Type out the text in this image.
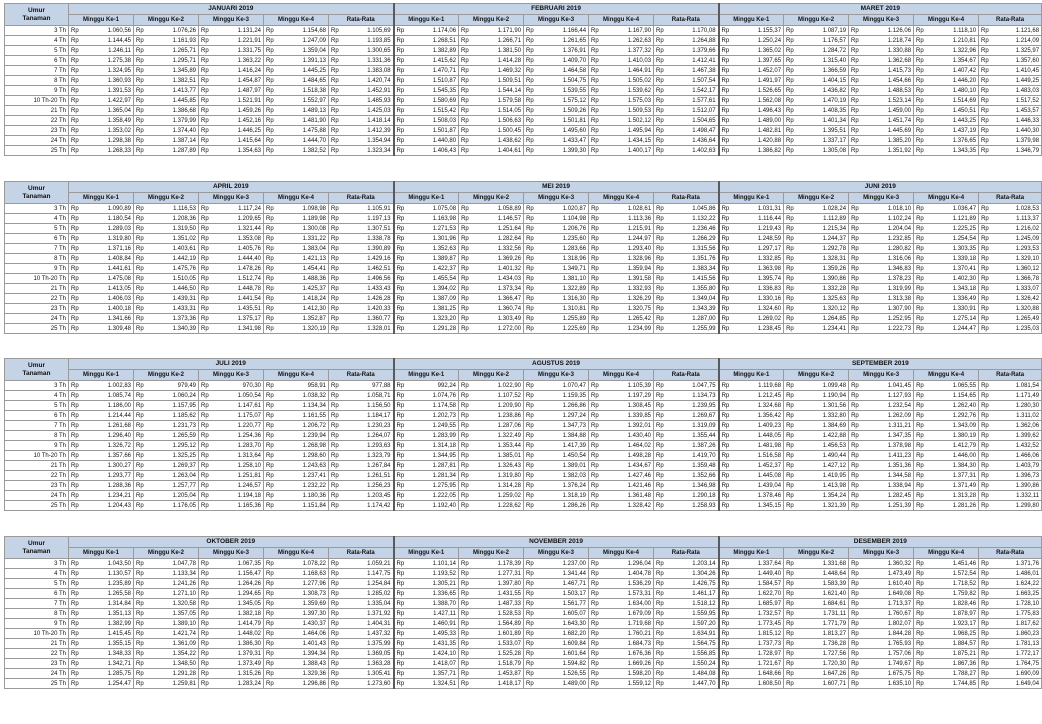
Umur
Tanaman	JANUARI 2019					FEBRUARI 2019					MARET 2019				
	Minggu Ke-1	Minggu Ke-2	Minggu Ke-3	Minggu Ke-4	Rata-Rata	Minggu Ke-1	Minggu Ke-2	Minggu Ke-3	Minggu Ke-4	Rata-Rata	Minggu Ke-1	Minggu Ke-2	Minggu Ke-3	Minggu Ke-4	Rata-Rata
3 Th	Rp 1.060,56	Rp 1.076,26	Rp 1.131,24	Rp 1.154,68	Rp 1.105,69	Rp 1.174,06	Rp 1.171,90	Rp 1.166,44	Rp 1.167,90	Rp 1.170,08	Rp 1.155,37	Rp 1.087,19	Rp 1.126,06	Rp 1.118,10	Rp 1.121,68

4 Th	Rp 1.144,45	Rp 1.161,93	Rp 1.221,91	Rp 1.247,09	Rp 1.193,85	Rp 1.268,51	Rp 1.266,71	Rp 1.261,65	Rp 1.262,63	Rp 1.264,88	Rp 1.250,24	Rp 1.176,57	Rp 1.218,74	Rp 1.210,81	Rp 1.214,09

5 Th	Rp 1.246,11	Rp 1.265,71	Rp 1.331,75	Rp 1.359,04	Rp 1.300,65	Rp 1.382,89	Rp 1.381,50	Rp 1.376,91	Rp 1.377,32	Rp 1.379,66	Rp 1.365,02	Rp 1.284,72	Rp 1.330,88	Rp 1.322,96	Rp 1.325,97

6 Th	Rp 1.275,38	Rp 1.295,71	Rp 1.363,22	Rp 1.391,13	Rp 1.331,36	Rp 1.415,62	Rp 1.414,28	Rp 1.409,70	Rp 1.410,03	Rp 1.412,41	Rp 1.397,65	Rp 1.315,40	Rp 1.362,68	Rp 1.354,67	Rp 1.357,60

7 Th	Rp 1.324,95	Rp 1.345,89	Rp 1.416,24	Rp 1.445,25	Rp 1.383,08	Rp 1.470,71	Rp 1.469,32	Rp 1.464,58	Rp 1.464,91	Rp 1.467,38	Rp 1.452,07	Rp 1.366,59	Rp 1.415,73	Rp 1.407,42	Rp 1.410,45

8 Th	Rp 1.360,93	Rp 1.382,51	Rp 1.454,87	Rp 1.484,65	Rp 1.420,74	Rp 1.510,87	Rp 1.509,51	Rp 1.504,75	Rp 1.505,02	Rp 1.507,54	Rp 1.491,97	Rp 1.404,15	Rp 1.454,66	Rp 1.446,20	Rp 1.449,25

9 Th	Rp 1.391,53	Rp 1.413,77	Rp 1.487,97	Rp 1.518,38	Rp 1.452,91	Rp 1.545,35	Rp 1.544,14	Rp 1.539,55	Rp 1.539,62	Rp 1.542,17	Rp 1.526,65	Rp 1.436,82	Rp 1.488,53	Rp 1.480,10	Rp 1.483,03

10 Th-20 Th	Rp 1.422,97	Rp 1.445,85	Rp 1.521,91	Rp 1.552,97	Rp 1.485,93	Rp 1.580,69	Rp 1.579,58	Rp 1.575,12	Rp 1.575,03	Rp 1.577,61	Rp 1.562,08	Rp 1.470,19	Rp 1.523,14	Rp 1.514,69	Rp 1.517,52

21 Th	Rp 1.365,04	Rp 1.386,68	Rp 1.459,26	Rp 1.489,13	Rp 1.425,03	Rp 1.515,42	Rp 1.514,05	Rp 1.509,26	Rp 1.509,53	Rp 1.512,07	Rp 1.496,43	Rp 1.408,35	Rp 1.459,00	Rp 1.450,51	Rp 1.453,57

22 Th	Rp 1.358,49	Rp 1.379,99	Rp 1.452,16	Rp 1.481,90	Rp 1.418,14	Rp 1.508,03	Rp 1.506,63	Rp 1.501,81	Rp 1.502,12	Rp 1.504,65	Rp 1.489,00	Rp 1.401,34	Rp 1.451,74	Rp 1.443,25	Rp 1.446,33

23 Th	Rp 1.353,02	Rp 1.374,40	Rp 1.446,25	Rp 1.475,88	Rp 1.412,39	Rp 1.501,87	Rp 1.500,45	Rp 1.495,60	Rp 1.495,94	Rp 1.498,47	Rp 1.482,81	Rp 1.395,51	Rp 1.445,69	Rp 1.437,19	Rp 1.440,30

24 Th	Rp 1.298,38	Rp 1.387,14	Rp 1.415,64	Rp 1.444,70	Rp 1.354,94	Rp 1.440,80	Rp 1.438,62	Rp 1.433,47	Rp 1.434,15	Rp 1.436,64	Rp 1.420,88	Rp 1.337,17	Rp 1.385,20	Rp 1.376,65	Rp 1.379,98

25 Th	Rp 1.268,33	Rp 1.287,89	Rp 1.354,63	Rp 1.382,52	Rp 1.323,34	Rp 1.406,43	Rp 1.404,61	Rp 1.399,30	Rp 1.400,17	Rp 1.402,63	Rp 1.386,82	Rp 1.305,08	Rp 1.351,92	Rp 1.343,35	Rp 1.346,79
Umur
Tanaman	APRIL 2019					MEI 2019					JUNI 2019				
	Minggu Ke-1	Minggu Ke-2	Minggu Ke-3	Minggu Ke-4	Rata-Rata	Minggu Ke-1	Minggu Ke-2	Minggu Ke-3	Minggu Ke-4	Rata-Rata	Minggu Ke-1	Minggu Ke-2	Minggu Ke-3	Minggu Ke-4	Rata-Rata
3 Th	Rp 1.090,89	Rp 1.116,53	Rp 1.117,24	Rp 1.098,98	Rp 1.105,91	Rp 1.075,08	Rp 1.058,89	Rp 1.020,87	Rp 1.028,61	Rp 1.045,86	Rp 1.031,31	Rp 1.028,24	Rp 1.018,10	Rp 1.036,47	Rp 1.028,53

4 Th	Rp 1.180,54	Rp 1.208,36	Rp 1.209,65	Rp 1.189,98	Rp 1.197,13	Rp 1.163,98	Rp 1.146,57	Rp 1.104,98	Rp 1.113,36	Rp 1.132,22	Rp 1.116,44	Rp 1.112,89	Rp 1.102,24	Rp 1.121,89	Rp 1.113,37

5 Th	Rp 1.289,03	Rp 1.319,50	Rp 1.321,44	Rp 1.300,08	Rp 1.307,51	Rp 1.271,53	Rp 1.251,64	Rp 1.206,76	Rp 1.215,91	Rp 1.236,46	Rp 1.219,43	Rp 1.215,34	Rp 1.204,04	Rp 1.225,25	Rp 1.216,02

6 Th	Rp 1.319,80	Rp 1.351,02	Rp 1.353,08	Rp 1.331,22	Rp 1.338,78	Rp 1.301,96	Rp 1.282,64	Rp 1.235,60	Rp 1.244,97	Rp 1.266,29	Rp 1.248,59	Rp 1.244,37	Rp 1.232,85	Rp 1.254,54	Rp 1.245,09

7 Th	Rp 1.371,16	Rp 1.403,61	Rp 1.405,76	Rp 1.383,04	Rp 1.390,89	Rp 1.352,63	Rp 1.332,56	Rp 1.283,66	Rp 1.293,40	Rp 1.315,56	Rp 1.297,17	Rp 1.292,78	Rp 1.280,82	Rp 1.303,35	Rp 1.293,53

8 Th	Rp 1.408,84	Rp 1.442,19	Rp 1.444,40	Rp 1.421,13	Rp 1.429,16	Rp 1.389,87	Rp 1.369,26	Rp 1.318,96	Rp 1.328,96	Rp 1.351,76	Rp 1.332,85	Rp 1.328,31	Rp 1.316,06	Rp 1.339,18	Rp 1.329,10

9 Th	Rp 1.441,61	Rp 1.475,76	Rp 1.478,26	Rp 1.454,41	Rp 1.462,51	Rp 1.422,37	Rp 1.401,32	Rp 1.349,71	Rp 1.359,94	Rp 1.383,34	Rp 1.363,98	Rp 1.359,26	Rp 1.346,83	Rp 1.370,41	Rp 1.360,12

10 Th-20 Th	Rp 1.475,08	Rp 1.510,05	Rp 1.512,74	Rp 1.488,36	Rp 1.496,56	Rp 1.455,54	Rp 1.434,03	Rp 1.381,10	Rp 1.391,58	Rp 1.415,56	Rp 1.395,74	Rp 1.390,86	Rp 1.378,23	Rp 1.402,30	Rp 1.366,78

21 Th	Rp 1.413,05	Rp 1.446,50	Rp 1.448,78	Rp 1.425,37	Rp 1.433,43	Rp 1.394,02	Rp 1.373,34	Rp 1.322,89	Rp 1.332,93	Rp 1.355,80	Rp 1.336,83	Rp 1.332,28	Rp 1.319,99	Rp 1.343,18	Rp 1.333,07

22 Th	Rp 1.406,03	Rp 1.439,31	Rp 1.441,54	Rp 1.418,24	Rp 1.426,28	Rp 1.387,09	Rp 1.366,47	Rp 1.316,30	Rp 1.326,29	Rp 1.349,04	Rp 1.330,16	Rp 1.325,63	Rp 1.313,38	Rp 1.336,49	Rp 1.326,42

23 Th	Rp 1.400,18	Rp 1.433,31	Rp 1.435,51	Rp 1.412,30	Rp 1.420,33	Rp 1.381,25	Rp 1.360,74	Rp 1.310,81	Rp 1.320,75	Rp 1.343,39	Rp 1.324,60	Rp 1.320,12	Rp 1.307,90	Rp 1.330,91	Rp 1.320,88

24 Th	Rp 1.341,66	Rp 1.373,36	Rp 1.375,17	Rp 1.352,87	Rp 1.360,77	Rp 1.323,20	Rp 1.303,49	Rp 1.255,89	Rp 1.265,42	Rp 1.287,00	Rp 1.269,02	Rp 1.264,85	Rp 1.252,95	Rp 1.275,14	Rp 1.265,49

25 Th	Rp 1.309,48	Rp 1.340,39	Rp 1.341,98	Rp 1.320,19	Rp 1.328,01	Rp 1.291,28	Rp 1.272,00	Rp 1.225,69	Rp 1.234,99	Rp 1.255,99	Rp 1.238,45	Rp 1.234,41	Rp 1.222,73	Rp 1.244,47	Rp 1.235,03
Umur
Tanaman	JULI 2019					AGUSTUS 2019					SEPTEMBER 2019				
	Minggu Ke-1	Minggu Ke-2	Minggu Ke-3	Minggu Ke-4	Rata-Rata	Minggu Ke-1	Minggu Ke-2	Minggu Ke-3	Minggu Ke-4	Rata-Rata	Minggu Ke-1	Minggu Ke-2	Minggu Ke-3	Minggu Ke-4	Rata-Rata
3 Th	Rp 1.002,83	Rp 979,49	Rp 970,30	Rp 958,91	Rp 977,88	Rp 992,24	Rp 1.022,90	Rp 1.070,47	Rp 1.105,39	Rp 1.047,75	Rp 1.119,68	Rp 1.099,48	Rp 1.041,45	Rp 1.065,55	Rp 1.081,54

4 Th	Rp 1.085,74	Rp 1.060,24	Rp 1.050,54	Rp 1.038,32	Rp 1.058,71	Rp 1.074,76	Rp 1.107,52	Rp 1.159,35	Rp 1.197,29	Rp 1.134,73	Rp 1.212,45	Rp 1.190,94	Rp 1.127,93	Rp 1.154,65	Rp 1.171,49

5 Th	Rp 1.186,00	Rp 1.157,95	Rp 1.147,61	Rp 1.134,34	Rp 1.156,50	Rp 1.174,58	Rp 1.209,90	Rp 1.266,86	Rp 1.308,45	Rp 1.239,95	Rp 1.324,68	Rp 1.301,56	Rp 1.232,54	Rp 1.262,40	Rp 1.280,30

6 Th	Rp 1.214,44	Rp 1.185,62	Rp 1.175,07	Rp 1.161,55	Rp 1.184,17	Rp 1.202,73	Rp 1.238,86	Rp 1.297,24	Rp 1.339,85	Rp 1.269,67	Rp 1.356,42	Rp 1.332,80	Rp 1.262,09	Rp 1.292,76	Rp 1.311,02

7 Th	Rp 1.261,68	Rp 1.231,73	Rp 1.220,77	Rp 1.206,72	Rp 1.230,23	Rp 1.249,55	Rp 1.287,06	Rp 1.347,73	Rp 1.392,01	Rp 1.319,09	Rp 1.409,23	Rp 1.384,69	Rp 1.311,21	Rp 1.343,09	Rp 1.362,06

8 Th	Rp 1.296,40	Rp 1.265,59	Rp 1.254,36	Rp 1.239,94	Rp 1.264,07	Rp 1.283,99	Rp 1.322,49	Rp 1.384,88	Rp 1.430,40	Rp 1.355,44	Rp 1.448,05	Rp 1.422,88	Rp 1.347,35	Rp 1.380,19	Rp 1.399,62

9 Th	Rp 1.326,72	Rp 1.295,12	Rp 1.283,70	Rp 1.268,98	Rp 1.293,63	Rp 1.314,18	Rp 1.353,44	Rp 1.417,39	Rp 1.464,02	Rp 1.387,26	Rp 1.481,98	Rp 1.456,53	Rp 1.378,98	Rp 1.412,79	Rp 1.432,52

10 Th-20 Th	Rp 1.357,66	Rp 1.325,25	Rp 1.313,64	Rp 1.298,60	Rp 1.323,79	Rp 1.344,95	Rp 1.385,01	Rp 1.450,54	Rp 1.498,28	Rp 1.419,70	Rp 1.516,58	Rp 1.490,44	Rp 1.411,23	Rp 1.446,00	Rp 1.466,06

21 Th	Rp 1.300,27	Rp 1.269,37	Rp 1.258,10	Rp 1.243,63	Rp 1.267,84	Rp 1.287,81	Rp 1.326,43	Rp 1.389,01	Rp 1.434,67	Rp 1.359,48	Rp 1.452,37	Rp 1.427,12	Rp 1.351,36	Rp 1.384,30	Rp 1.403,79

22 Th	Rp 1.293,77	Rp 1.263,04	Rp 1.251,81	Rp 1.237,41	Rp 1.261,51	Rp 1.281,34	Rp 1.319,80	Rp 1.382,03	Rp 1.427,46	Rp 1.352,66	Rp 1.445,08	Rp 1.419,95	Rp 1.344,58	Rp 1.377,31	Rp 1.396,73

23 Th	Rp 1.288,36	Rp 1.257,77	Rp 1.246,57	Rp 1.232,22	Rp 1.256,23	Rp 1.275,95	Rp 1.314,28	Rp 1.376,24	Rp 1.421,46	Rp 1.346,98	Rp 1.439,04	Rp 1.413,98	Rp 1.338,94	Rp 1.371,49	Rp 1.390,86

24 Th	Rp 1.234,21	Rp 1.205,04	Rp 1.194,18	Rp 1.180,36	Rp 1.203,45	Rp 1.222,05	Rp 1.259,02	Rp 1.318,19	Rp 1.361,48	Rp 1.290,18	Rp 1.378,46	Rp 1.354,24	Rp 1.282,45	Rp 1.313,28	Rp 1.332,11

25 Th	Rp 1.204,43	Rp 1.176,05	Rp 1.165,36	Rp 1.151,84	Rp 1.174,42	Rp 1.192,40	Rp 1.228,62	Rp 1.286,26	Rp 1.328,42	Rp 1.258,93	Rp 1.345,15	Rp 1.321,39	Rp 1.251,39	Rp 1.281,26	Rp 1.299,80
Umur
Tanaman	OKTOBER 2019					NOVEMBER 2019					DESEMBER 2019				
	Minggu Ke-1	Minggu Ke-2	Minggu Ke-3	Minggu Ke-4	Rata-Rata	Minggu Ke-1	Minggu Ke-2	Minggu Ke-3	Minggu Ke-4	Rata-Rata	Minggu Ke-1	Minggu Ke-2	Minggu Ke-3	Minggu Ke-4	Rata-Rata
3 Th	Rp 1.043,50	Rp 1.047,78	Rp 1.067,35	Rp 1.078,22	Rp 1.059,21	Rp 1.101,14	Rp 1.178,39	Rp 1.237,00	Rp 1.296,04	Rp 1.203,14	Rp 1.337,64	Rp 1.331,68	Rp 1.360,32	Rp 1.451,46	Rp 1.371,76

4 Th	Rp 1.130,57	Rp 1.133,34	Rp 1.156,47	Rp 1.168,63	Rp 1.147,75	Rp 1.193,52	Rp 1.277,31	Rp 1.341,44	Rp 1.404,78	Rp 1.304,26	Rp 1.449,40	Rp 1.448,64	Rp 1.473,49	Rp 1.572,54	Rp 1.486,01

5 Th	Rp 1.235,89	Rp 1.241,26	Rp 1.264,26	Rp 1.277,96	Rp 1.254,84	Rp 1.305,21	Rp 1.397,80	Rp 1.467,71	Rp 1.536,29	Rp 1.426,75	Rp 1.584,57	Rp 1.583,39	Rp 1.610,40	Rp 1.718,52	Rp 1.624,22

6 Th	Rp 1.265,58	Rp 1.271,10	Rp 1.294,65	Rp 1.308,73	Rp 1.285,02	Rp 1.336,65	Rp 1.431,55	Rp 1.503,17	Rp 1.573,31	Rp 1.461,17	Rp 1.622,70	Rp 1.621,40	Rp 1.649,08	Rp 1.759,82	Rp 1.663,25

7 Th	Rp 1.314,84	Rp 1.320,58	Rp 1.345,05	Rp 1.359,69	Rp 1.335,04	Rp 1.388,70	Rp 1.487,33	Rp 1.561,77	Rp 1.634,00	Rp 1.518,12	Rp 1.685,97	Rp 1.684,61	Rp 1.713,37	Rp 1.828,46	Rp 1.728,10

8 Th	Rp 1.351,13	Rp 1.357,05	Rp 1.382,18	Rp 1.397,30	Rp 1.371,92	Rp 1.427,11	Rp 1.528,53	Rp 1.605,07	Rp 1.679,09	Rp 1.559,95	Rp 1.732,57	Rp 1.731,11	Rp 1.760,67	Rp 1.878,97	Rp 1.775,83

9 Th	Rp 1.382,99	Rp 1.389,10	Rp 1.414,79	Rp 1.430,37	Rp 1.404,31	Rp 1.460,91	Rp 1.564,89	Rp 1.643,30	Rp 1.719,68	Rp 1.597,20	Rp 1.773,45	Rp 1.771,79	Rp 1.802,07	Rp 1.923,17	Rp 1.817,62

10 Th-20 Th	Rp 1.415,45	Rp 1.421,74	Rp 1.448,02	Rp 1.464,06	Rp 1.437,32	Rp 1.495,33	Rp 1.601,89	Rp 1.682,20	Rp 1.760,21	Rp 1.634,91	Rp 1.815,12	Rp 1.813,27	Rp 1.844,28	Rp 1.968,25	Rp 1.860,23

21 Th	Rp 1.355,15	Rp 1.361,09	Rp 1.386,30	Rp 1.401,43	Rp 1.375,99	Rp 1.431,35	Rp 1.533,07	Rp 1.609,84	Rp 1.684,73	Rp 1.564,75	Rp 1.737,73	Rp 1.736,28	Rp 1.765,93	Rp 1.884,57	Rp 1.781,13

22 Th	Rp 1.348,33	Rp 1.354,22	Rp 1.379,31	Rp 1.394,34	Rp 1.369,05	Rp 1.424,10	Rp 1.525,28	Rp 1.601,64	Rp 1.676,36	Rp 1.556,85	Rp 1.728,97	Rp 1.727,56	Rp 1.757,06	Rp 1.875,21	Rp 1.772,17

23 Th	Rp 1.342,71	Rp 1.348,50	Rp 1.373,49	Rp 1.388,43	Rp 1.363,28	Rp 1.418,07	Rp 1.518,79	Rp 1.594,82	Rp 1.669,26	Rp 1.550,24	Rp 1.721,67	Rp 1.720,30	Rp 1.749,67	Rp 1.867,36	Rp 1.764,75

24 Th	Rp 1.285,75	Rp 1.291,28	Rp 1.315,26	Rp 1.329,36	Rp 1.305,41	Rp 1.357,71	Rp 1.453,87	Rp 1.526,55	Rp 1.598,20	Rp 1.484,08	Rp 1.648,66	Rp 1.647,26	Rp 1.675,75	Rp 1.788,27	Rp 1.690,09

25 Th	Rp 1.254,47	Rp 1.259,81	Rp 1.283,24	Rp 1.296,86	Rp 1.273,60	Rp 1.324,51	Rp 1.418,17	Rp 1.489,00	Rp 1.559,12	Rp 1.447,70	Rp 1.608,50	Rp 1.607,71	Rp 1.635,10	Rp 1.744,85	Rp 1.649,04
